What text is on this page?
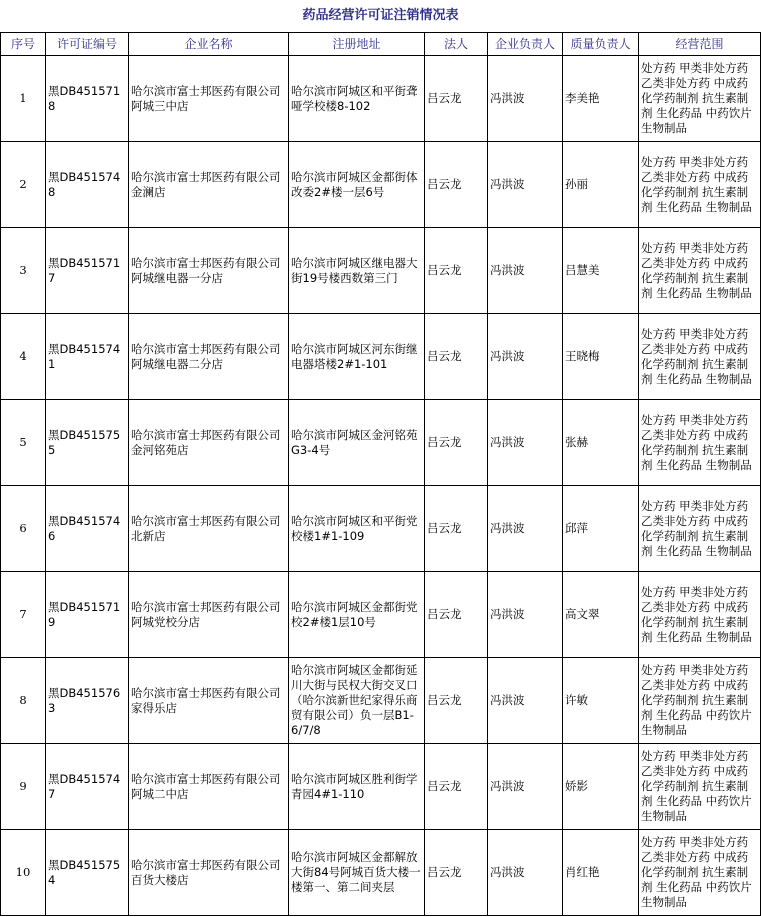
药品经营许可证注销情况表
序号	许可证编号	企业名称	注册地址	法人	企业负责人	质量负责人	经营范围
1	黑DB4515718	哈尔滨市富士邦医药有限公司阿城三中店	哈尔滨市阿城区和平街聋哑学校楼8-102	吕云龙	冯洪波	李美艳	处方药 甲类非处方药 乙类非处方药 中成药 化学药制剂 抗生素制剂 生化药品 中药饮片 生物制品
2	黑DB4515748	哈尔滨市富士邦医药有限公司金澜店	哈尔滨市阿城区金都街体改委2#楼一层6号	吕云龙	冯洪波	孙丽	处方药 甲类非处方药 乙类非处方药 中成药 化学药制剂 抗生素制剂 生化药品 生物制品
3	黑DB4515717	哈尔滨市富士邦医药有限公司阿城继电器一分店	哈尔滨市阿城区继电器大街19号楼西数第三门	吕云龙	冯洪波	吕慧美	处方药 甲类非处方药 乙类非处方药 中成药 化学药制剂 抗生素制剂 生化药品 生物制品
4	黑DB4515741	哈尔滨市富士邦医药有限公司阿城继电器二分店	哈尔滨市阿城区河东街继电器塔楼2#1-101	吕云龙	冯洪波	王晓梅	处方药 甲类非处方药 乙类非处方药 中成药 化学药制剂 抗生素制剂 生化药品 生物制品
5	黑DB4515755	哈尔滨市富士邦医药有限公司金河铭苑店	哈尔滨市阿城区金河铭苑G3-4号	吕云龙	冯洪波	张赫	处方药 甲类非处方药 乙类非处方药 中成药 化学药制剂 抗生素制剂 生化药品 生物制品
6	黑DB4515746	哈尔滨市富士邦医药有限公司北新店	哈尔滨市阿城区和平街党校楼1#1-109	吕云龙	冯洪波	邱萍	处方药 甲类非处方药 乙类非处方药 中成药 化学药制剂 抗生素制剂 生化药品 生物制品
7	黑DB4515719	哈尔滨市富士邦医药有限公司阿城党校分店	哈尔滨市阿城区金都街党校2#楼1层10号	吕云龙	冯洪波	高文翠	处方药 甲类非处方药 乙类非处方药 中成药 化学药制剂 抗生素制剂 生化药品 生物制品
8	黑DB4515763	哈尔滨市富士邦医药有限公司家得乐店	哈尔滨市阿城区金都街延川大街与民权大街交叉口（哈尔滨新世纪家得乐商贸有限公司）负一层B1-6/7/8	吕云龙	冯洪波	许敏	处方药 甲类非处方药 乙类非处方药 中成药 化学药制剂 抗生素制剂 生化药品 中药饮片 生物制品
9	黑DB4515747	哈尔滨市富士邦医药有限公司阿城二中店	哈尔滨市阿城区胜利街学青园4#1-110	吕云龙	冯洪波	娇影	处方药 甲类非处方药 乙类非处方药 中成药 化学药制剂 抗生素制剂 生化药品 中药饮片 生物制品
10	黑DB4515754	哈尔滨市富士邦医药有限公司百货大楼店	哈尔滨市阿城区金都解放大街84号阿城百货大楼一楼第一、第二间夹层	吕云龙	冯洪波	肖红艳	处方药 甲类非处方药 乙类非处方药 中成药 化学药制剂 抗生素制剂 生化药品 中药饮片 生物制品
